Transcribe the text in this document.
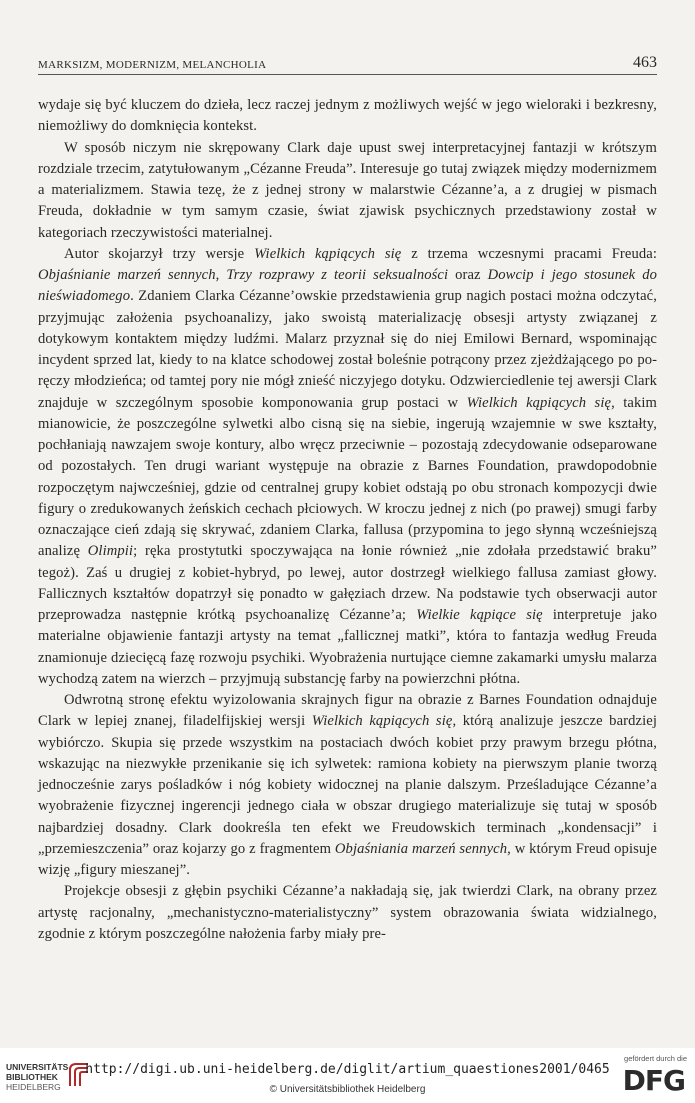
MARKSIZM, MODERNIZM, MELANCHOLIA	463

wydaje się być kluczem do dzieła, lecz raczej jednym z możliwych wejść w jego wieloraki i bezkresny, niemożliwy do domknięcia kontekst.

W sposób niczym nie skrępowany Clark daje upust swej interpretacyjnej fantazji w krótszym rozdziale trzecim, zatytułowanym „Cézanne Freuda”. Interesuje go tutaj związek między modernizmem a materializmem. Stawia tezę, że z jednej strony w malarstwie Cézanne’a, a z drugiej w pismach Freuda, dokładnie w tym samym czasie, świat zjawisk psychicznych przedstawiony został w kategoriach rzeczywistości materialnej.

Autor skojarzył trzy wersje Wielkich kąpiących się z trzema wczesnymi pracami Freuda: Objaśnianie marzeń sennych, Trzy rozprawy z teorii seksualności oraz Dowcip i jego stosunek do nieświadomego. Zdaniem Clarka Cézanne’owskie przedstawienia grup nagich postaci można odczytać, przyjmując założenia psychoanalizy, jako swoistą materializację obsesji artysty związanej z dotykowym kontaktem między ludźmi. Malarz przyznał się do niej Emilowi Bernard, wspominając incydent sprzed lat, kiedy to na klatce schodowej został boleśnie potrącony przez zjeżdżającego po poręczy młodzieńca; od tamtej pory nie mógł znieść niczyjego dotyku. Odzwierciedlenie tej awersji Clark znajduje w szczególnym sposobie komponowania grup postaci w Wielkich kąpiących się, takim mianowicie, że poszczególne sylwetki albo cisną się na siebie, ingerują wzajemnie w swe kształty, pochłaniają nawzajem swoje kontury, albo wręcz przeciwnie – pozostają zdecydowanie odseparowane od pozostałych. Ten drugi wariant występuje na obrazie z Barnes Foundation, prawdopodobnie rozpoczętym najwcześniej, gdzie od centralnej grupy kobiet odstają po obu stronach kompozycji dwie figury o zredukowanych żeńskich cechach płciowych. W kroczu jednej z nich (po prawej) smugi farby oznaczające cień zdają się skrywać, zdaniem Clarka, fallusa (przypomina to jego słynną wcześniejszą analizę Olimpii; ręka prostytutki spoczywająca na łonie również „nie zdołała przedstawić braku” tegoż). Zaś u drugiej z kobiet-hybryd, po lewej, autor dostrzegł wielkiego fallusa zamiast głowy. Fallicznych kształtów dopatrzył się ponadto w gałęziach drzew. Na podstawie tych obserwacji autor przeprowadza następnie krótką psychoanalizę Cézanne’a; Wielkie kąpiące się interpretuje jako materialne objawienie fantazji artysty na temat „fallicznej matki”, która to fantazja według Freuda znamionuje dziecięcą fazę rozwoju psychiki. Wyobrażenia nurtujące ciemne zakamarki umysłu malarza wychodzą zatem na wierzch – przyjmują substancję farby na powierzchni płótna.

Odwrotną stronę efektu wyizolowania skrajnych figur na obrazie z Barnes Foundation odnajduje Clark w lepiej znanej, filadelfijskiej wersji Wielkich kąpiących się, którą analizuje jeszcze bardziej wybiórczo. Skupia się przede wszystkim na postaciach dwóch kobiet przy prawym brzegu płótna, wskazując na niezwykłe przenikanie się ich sylwetek: ramiona kobiety na pierwszym planie tworzą jednocześnie zarys pośladków i nóg kobiety widocznej na planie dalszym. Prześladujące Cézanne’a wyobrażenie fizycznej ingerencji jednego ciała w obszar drugiego materializuje się tutaj w sposób najbardziej dosadny. Clark dookreśla ten efekt we Freudowskich terminach „kondensacji” i „przemieszczenia” oraz kojarzy go z fragmentem Objaśniania marzeń sennych, w którym Freud opisuje wizję „figury mieszanej”.

Projekcje obsesji z głębin psychiki Cézanne’a nakładają się, jak twierdzi Clark, na obrany przez artystę racjonalny, „mechanistyczno-materialistyczny” system obrazowania świata widzialnego, zgodnie z którym poszczególne nałożenia farby miały pre-

UNIVERSITÄTS-
BIBLIOTHEK
HEIDELBERG
http://digi.ub.uni-heidelberg.de/diglit/artium_quaestiones2001/0465
© Universitätsbibliothek Heidelberg
gefördert durch die
DFG
